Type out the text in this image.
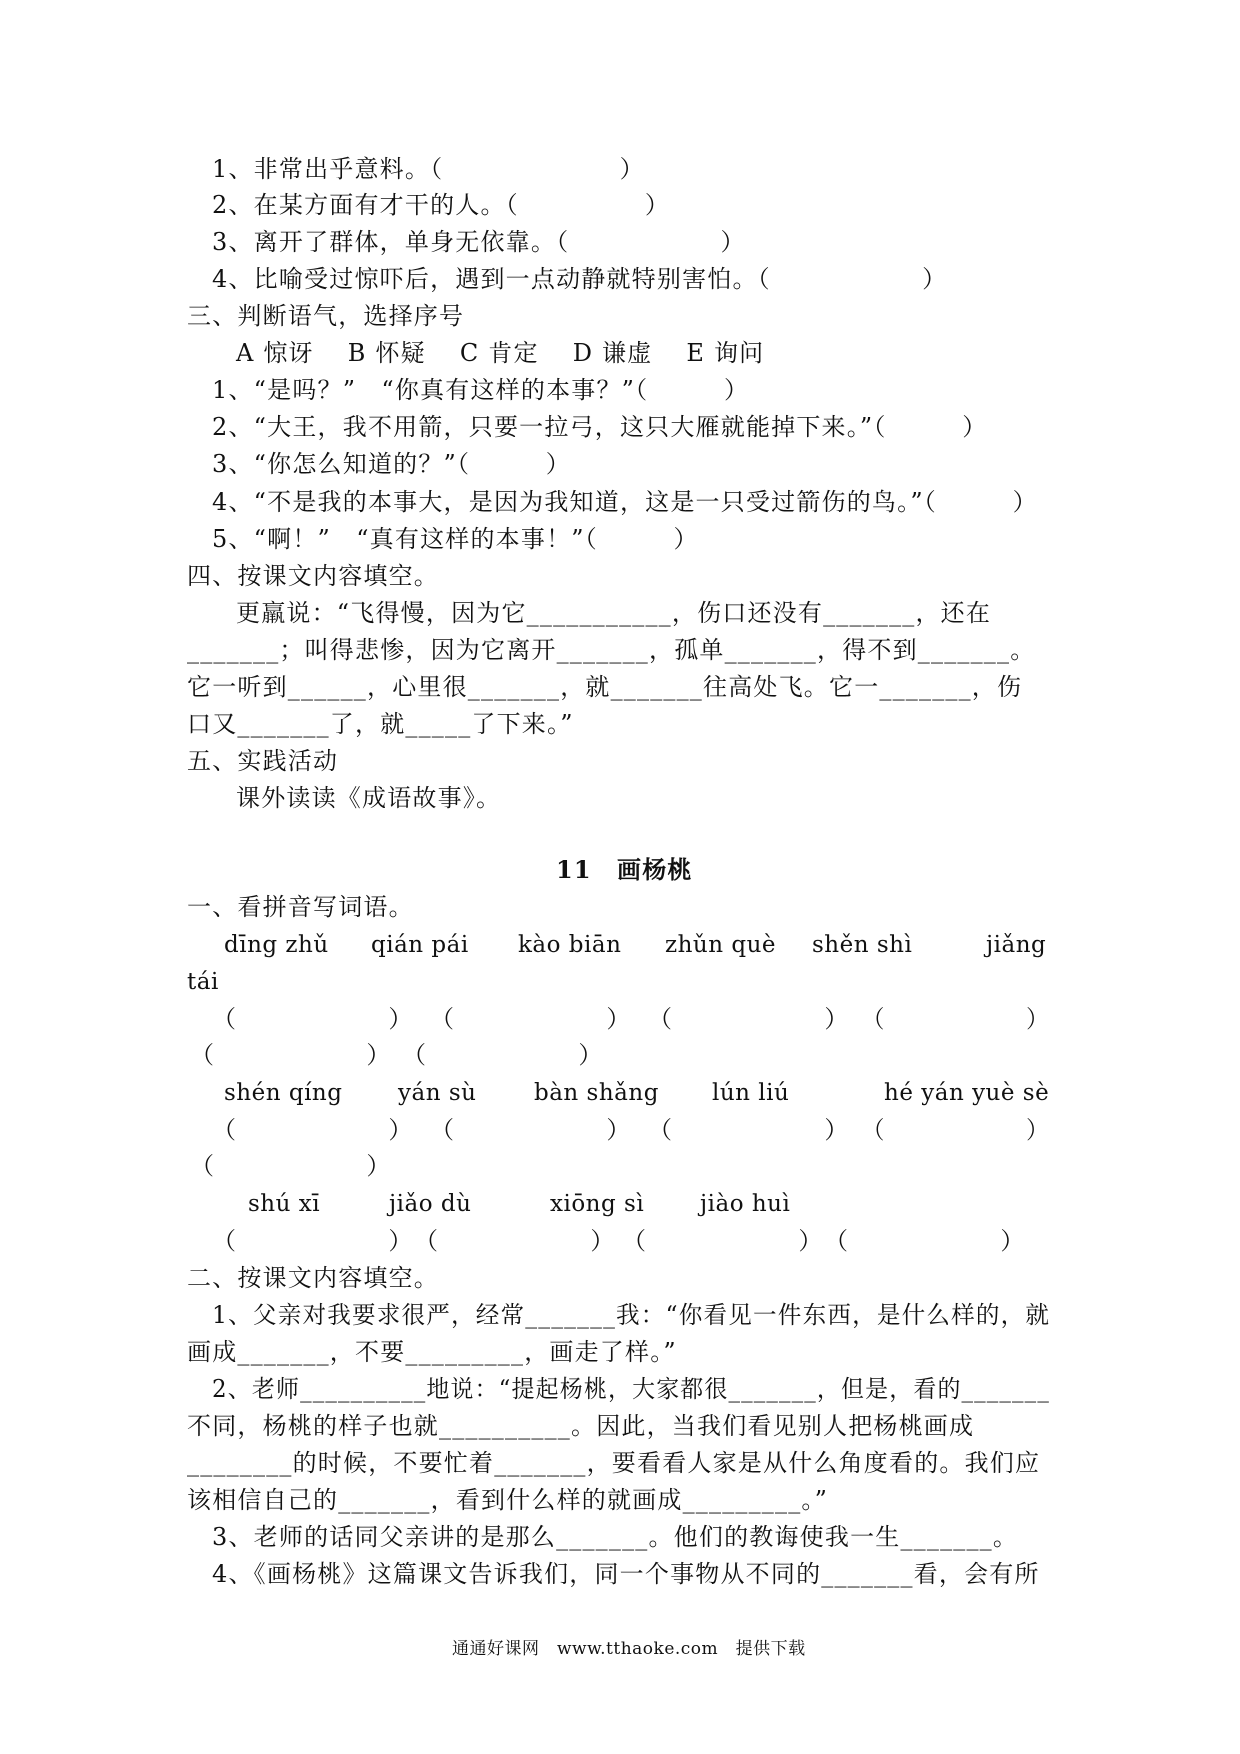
1、非常出乎意料。（　　　　　　　）
2、在某方面有才干的人。（　　　　　）
3、离开了群体，单身无依靠。（　　　　　　）
4、比喻受过惊吓后，遇到一点动静就特别害怕。（　　　　　　）
三、判断语气，选择序号
A 惊讶　 B 怀疑　 C 肯定　 D 谦虚　 E 询问
1、“是吗？”　“你真有这样的本事？”（　　　）
2、“大王，我不用箭，只要一拉弓，这只大雁就能掉下来。”（　　　）
3、“你怎么知道的？”（　　　）
4、“不是我的本事大，是因为我知道，这是一只受过箭伤的鸟。”（　　　）
5、“啊！”　“真有这样的本事！”（　　　）
四、按课文内容填空。
更羸说：“飞得慢，因为它___________，伤口还没有_______，还在
_______；叫得悲惨，因为它离开_______，孤单_______，得不到_______。
它一听到______，心里很_______，就_______往高处飞。它一_______，伤
口又_______了，就_____了下来。”
五、实践活动
课外读读《成语故事》。
11　画杨桃
一、看拼音写词语。
dīng zhǔ qián pái kào biān zhǔn què shěn shì	jiǎng
tái
（　　　　　　） （　　　　　　） （　　　　　　） （　　　　　　）
（　　　　　　） （　　　　　　）
shén qíng yán sù	bàn shǎng lún liú	hé yán yuè sè
（　　　　　　） （　　　　　　） （　　　　　　） （　　　　　　）
（　　　　　　）
shú xī	jiǎo dù	xiōng sì jiào huì
（　　　　　　） （　　　　　　） （　　　　　　） （　　　　　　）
二、按课文内容填空。
1、父亲对我要求很严，经常_______我：“你看见一件东西，是什么样的，就
画成_______，不要_________，画走了样。”
2、老师__________地说：“提起杨桃，大家都很_______，但是，看的_______
不同，杨桃的样子也就__________。因此，当我们看见别人把杨桃画成
________的时候，不要忙着_______，要看看人家是从什么角度看的。我们应
该相信自己的_______，看到什么样的就画成_________。”
3、老师的话同父亲讲的是那么_______。他们的教诲使我一生_______。
4、《画杨桃》这篇课文告诉我们，同一个事物从不同的_______看，会有所
通通好课网　www.tthaoke.com　提供下载
